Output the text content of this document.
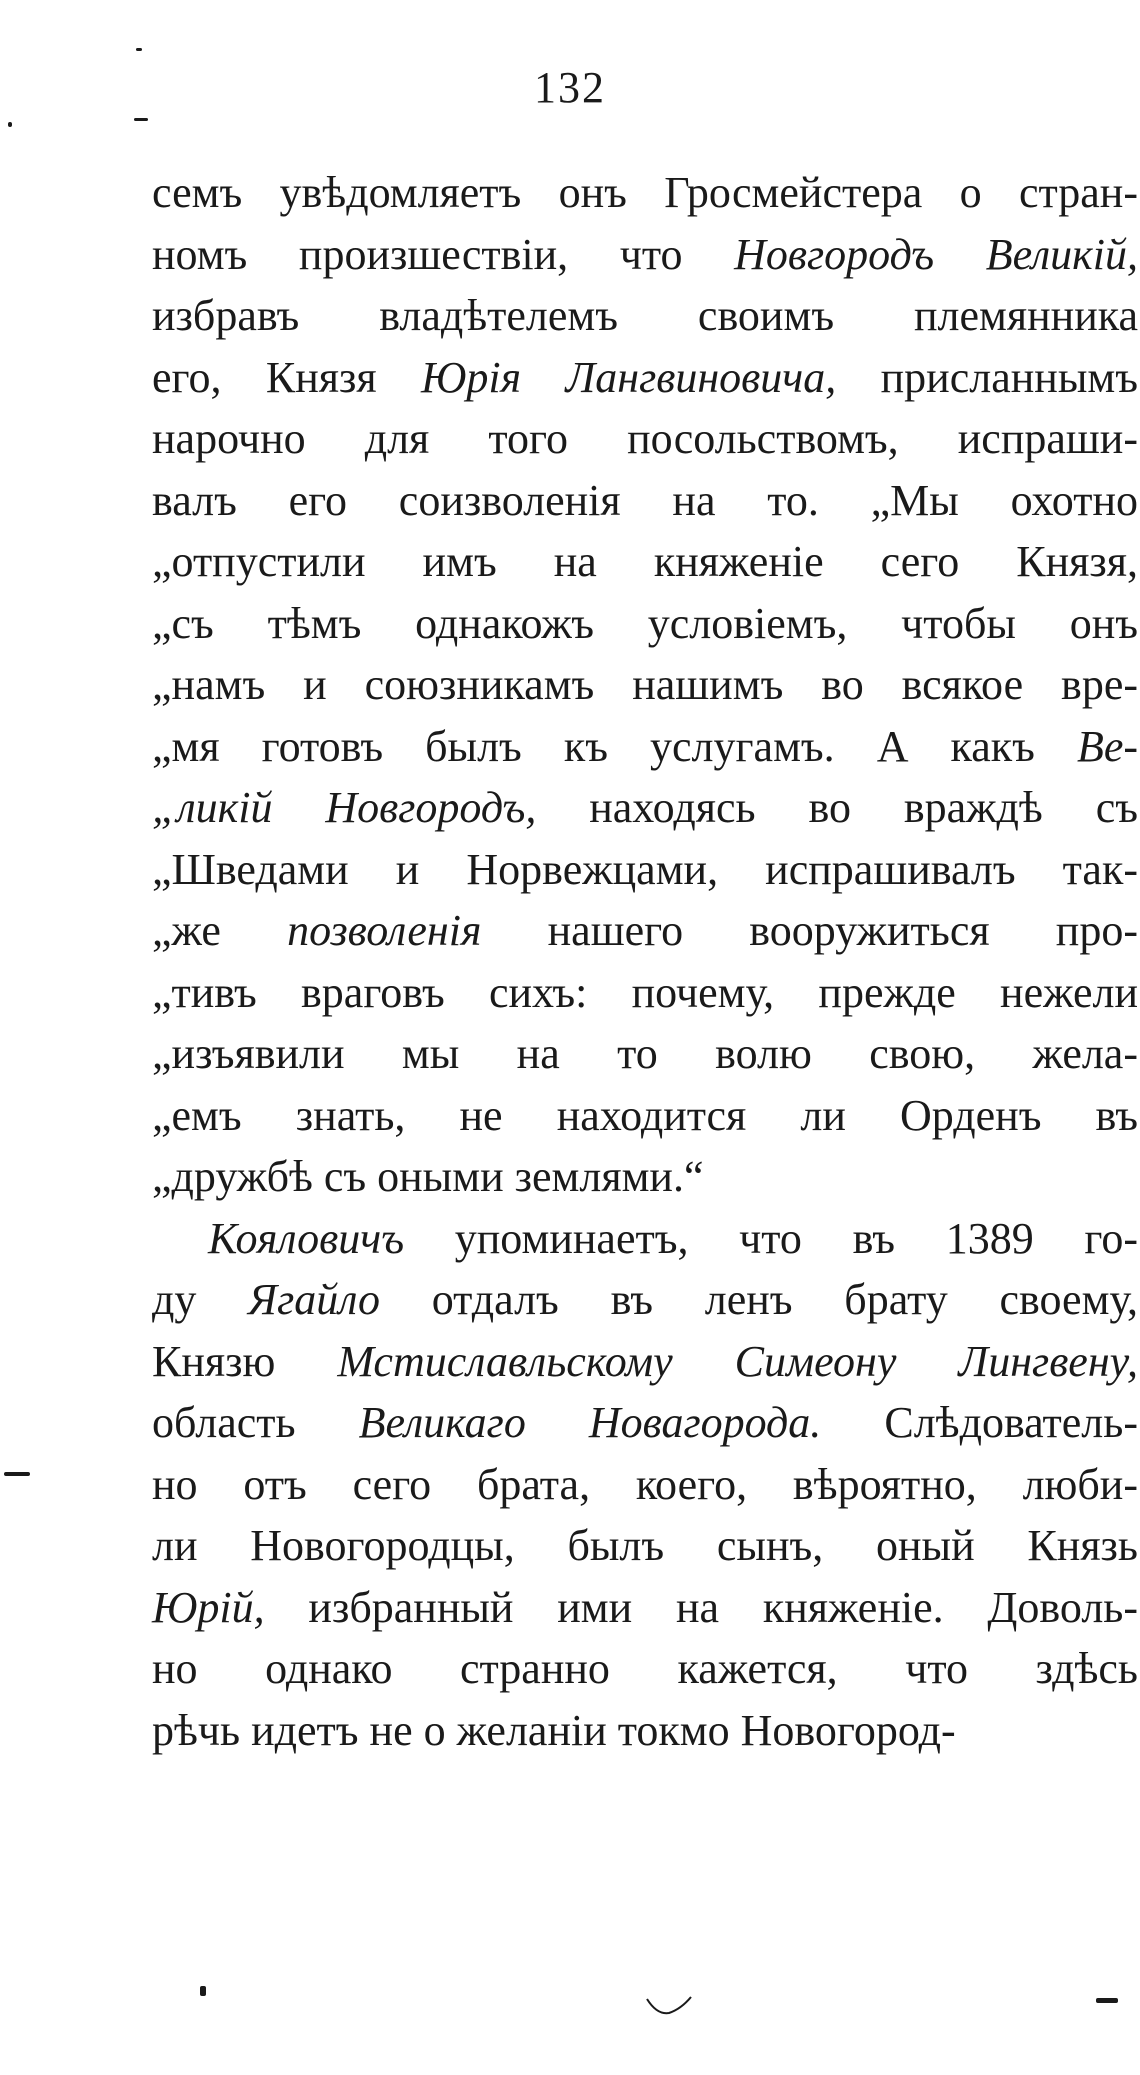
132
семъ увѣдомляетъ онъ Гросмейстера о стран-
номъ произшествіи, что Новгородъ Великій,
избравъ владѣтелемъ своимъ племянника
его, Князя Юрія Лангвиновича, присланнымъ
нарочно для того посольствомъ, испраши-
валъ его соизволенія на то. „Мы охотно
„отпустили имъ на княженіе сего Князя,
„съ тѣмъ однакожъ условіемъ, чтобы онъ
„намъ и союзникамъ нашимъ во всякое вре-
„мя готовъ былъ къ услугамъ. А какъ Be-
„ликій Новгородъ, находясь во враждѣ съ
„Шведами и Норвежцами, испрашивалъ так-
„же позволенія нашего вооружиться про-
„тивъ враговъ сихъ: почему, прежде нежели
„изъявили мы на то волю свою, жела-
„емъ знать, не находится ли Орденъ въ
„дружбѣ съ оными землями.“
Кояловичъ упоминаетъ, что въ 1389 го-
ду Ягайло отдалъ въ ленъ брату своему,
Князю Мстиславльскому Симеону Лингвену,
область Великаго Новагорода. Слѣдователь-
но отъ сего брата, коего, вѣроятно, люби-
ли Новогородцы, былъ сынъ, оный Князь
Юрій, избранный ими на княженіе. Доволь-
но однако странно кажется, что здѣсь
рѣчь идетъ не о желаніи токмо Новогород-
